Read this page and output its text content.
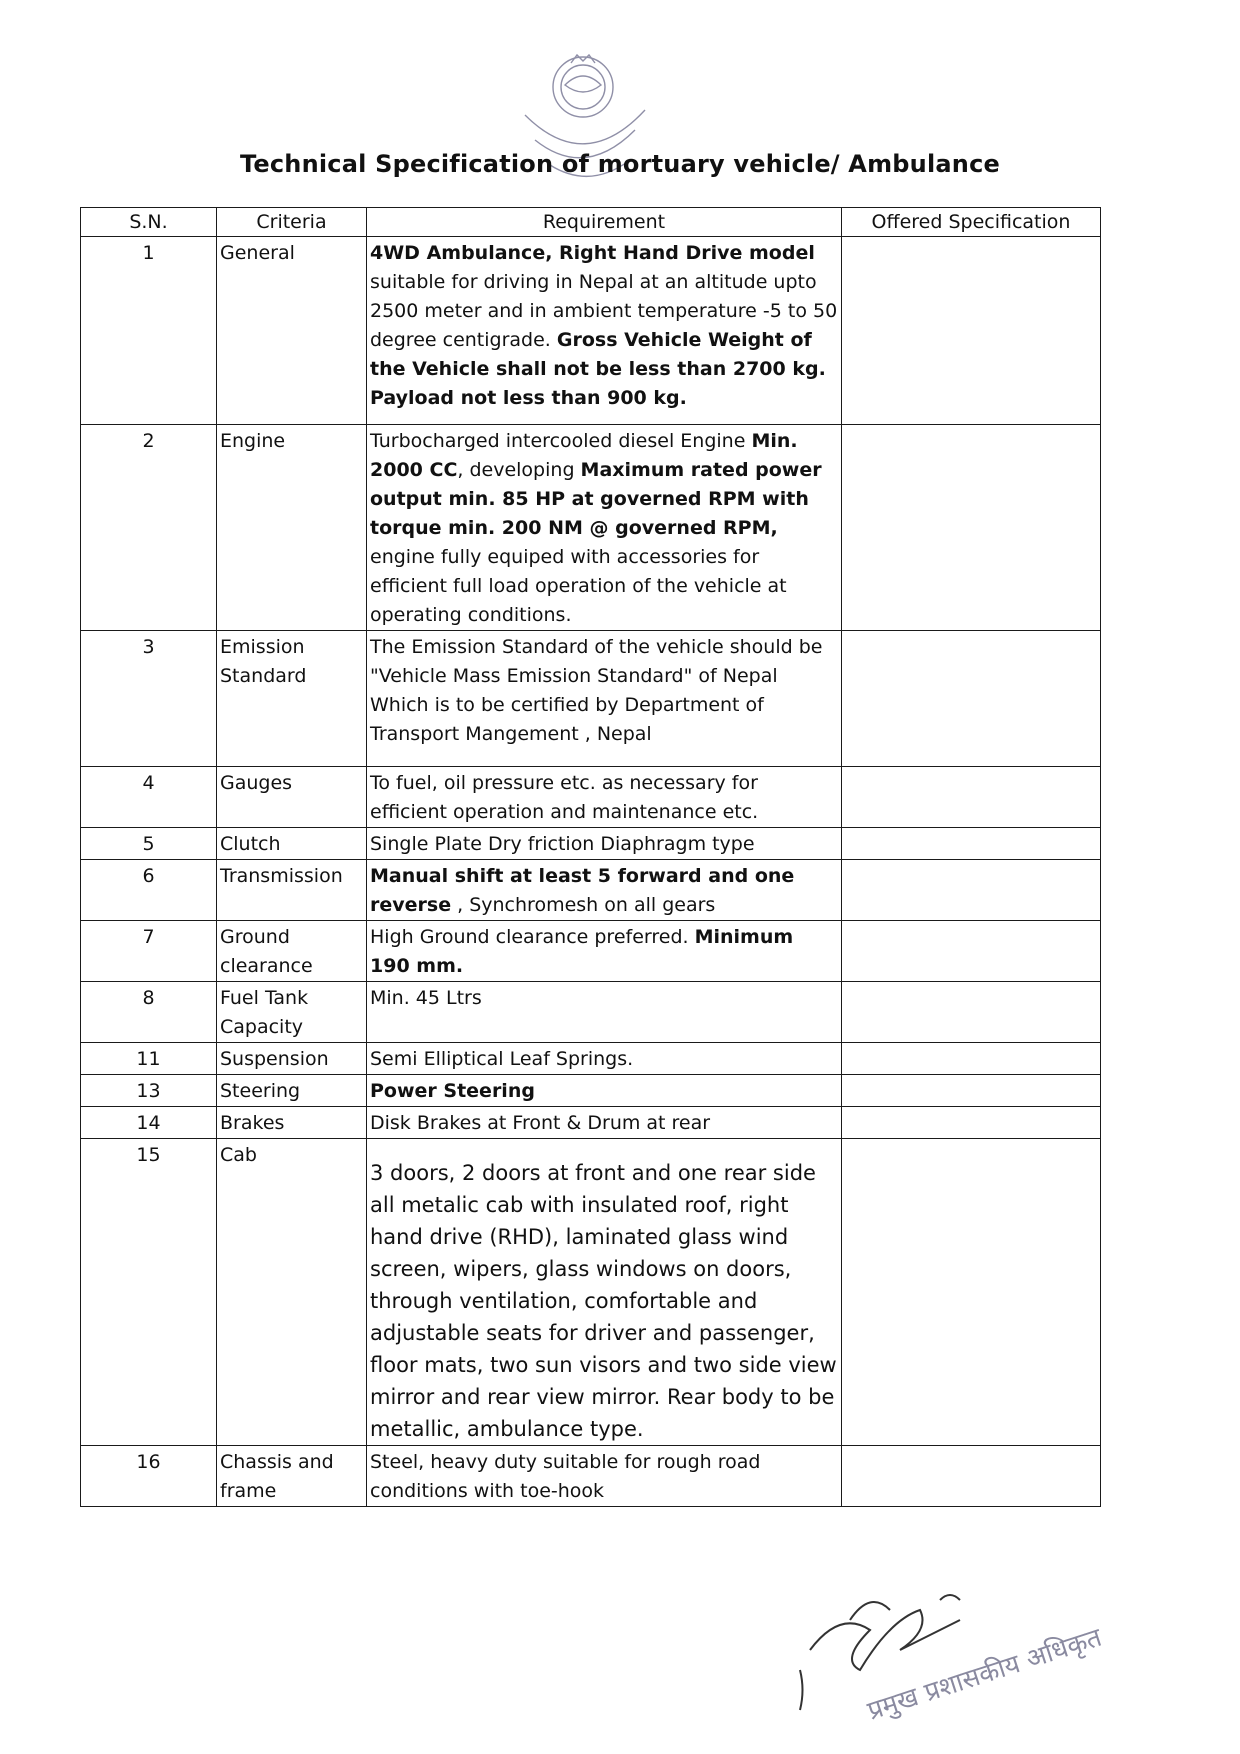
Technical Specification of mortuary vehicle/ Ambulance
S.N.	Criteria	Requirement	Offered Specification
1	General	4WD Ambulance, Right Hand Drive model suitable for driving in Nepal at an altitude upto 2500 meter and in ambient temperature -5 to 50 degree centigrade. Gross Vehicle Weight of the Vehicle shall not be less than 2700 kg. Payload not less than 900 kg.	
2	Engine	Turbocharged intercooled diesel Engine Min. 2000 CC, developing Maximum rated power output min. 85 HP at governed RPM with torque min. 200 NM @ governed RPM, engine fully equiped with accessories for efficient full load operation of the vehicle at operating conditions.	
3	Emission Standard	The Emission Standard of the vehicle should be "Vehicle Mass Emission Standard" of Nepal Which is to be certified by Department of Transport Mangement , Nepal	
4	Gauges	To fuel, oil pressure etc. as necessary for efficient operation and maintenance etc.	
5	Clutch	Single Plate Dry friction Diaphragm type	
6	Transmission	Manual shift at least 5 forward and one reverse , Synchromesh on all gears	
7	Ground clearance	High Ground clearance preferred. Minimum 190 mm.	
8	Fuel Tank Capacity	Min. 45 Ltrs	
11	Suspension	Semi Elliptical Leaf Springs.	
13	Steering	Power Steering	
14	Brakes	Disk Brakes at Front & Drum at rear	
15	Cab	3 doors, 2 doors at front and one rear side all metalic cab with insulated roof, right hand drive (RHD), laminated glass wind screen, wipers, glass windows on doors, through ventilation, comfortable and adjustable seats for driver and passenger, floor mats, two sun visors and two side view mirror and rear view mirror. Rear body to be metallic, ambulance type.	
16	Chassis and frame	Steel, heavy duty suitable for rough road conditions with toe-hook	
प्रमुख प्रशासकीय अधिकृत
